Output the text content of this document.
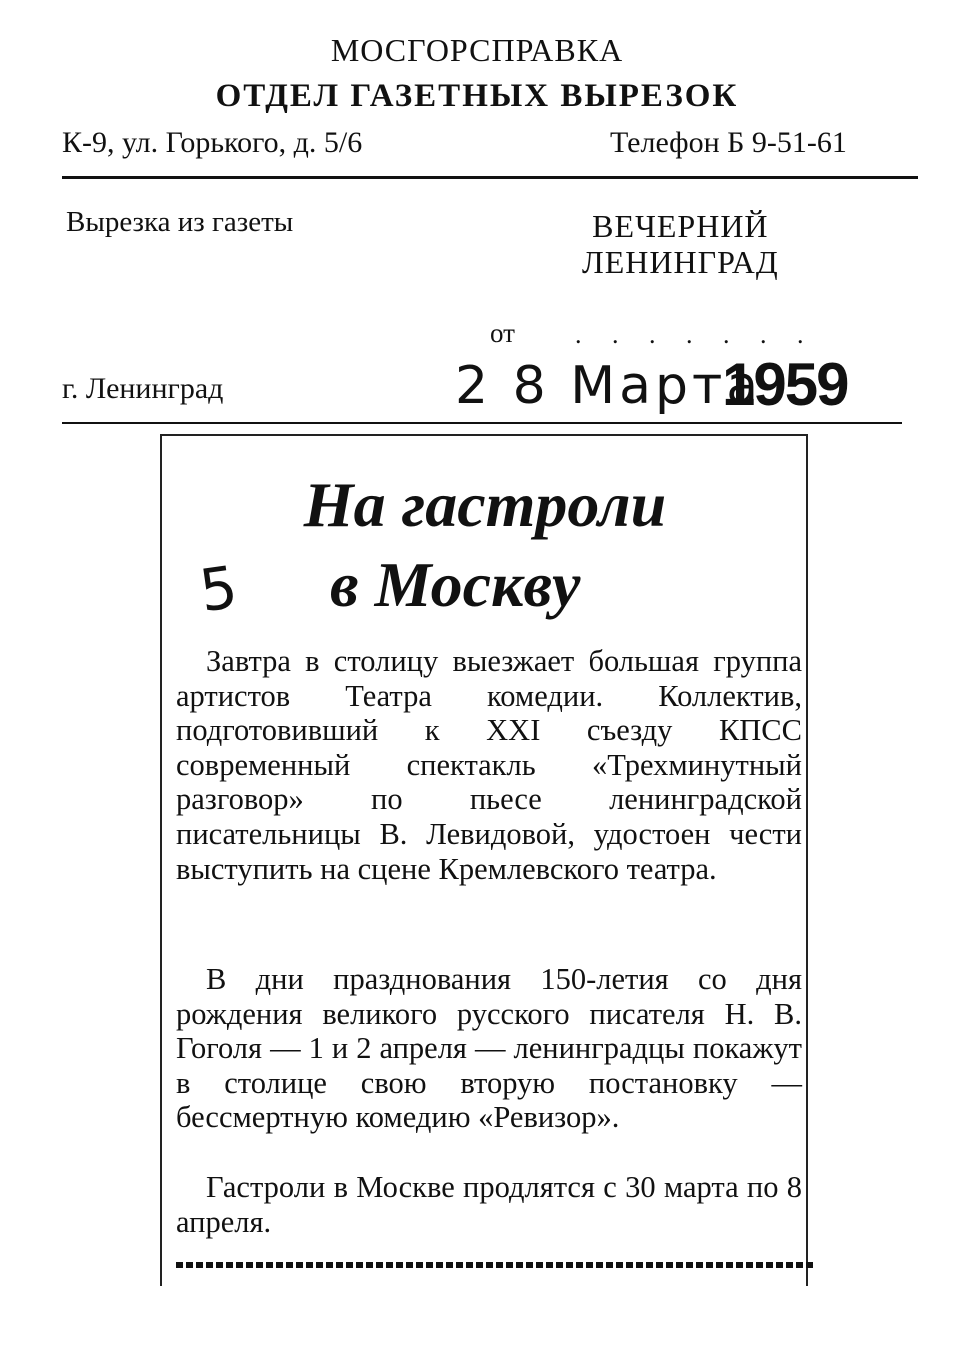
МОСГОРСПРАВКА
ОТДЕЛ ГАЗЕТНЫХ ВЫРЕЗОК
К-9, ул. Горького, д. 5/6	Телефон Б 9-51-61
Вырезка из газеты	ВЕЧЕРНИЙ
ЛЕНИНГРАД
от . . . . . . .
г. Ленинград	2 8 Марта
1959
На гастроли
5 в Москву
Завтра в столицу выезжает большая группа артистов Театра комедии. Коллектив, подготовивший к XXI съезду КПСС современный спектакль «Трехминутный разговор» по пьесе ленинградской писательницы В. Левидовой, удостоен чести выступить на сцене Кремлевского театра.
В дни празднования 150-летия со дня рождения великого русского писателя Н. В. Гоголя — 1 и 2 апреля — ленинградцы покажут в столице свою вторую постановку — бессмертную комедию «Ревизор».
Гастроли в Москве продлятся с 30 марта по 8 апреля.
